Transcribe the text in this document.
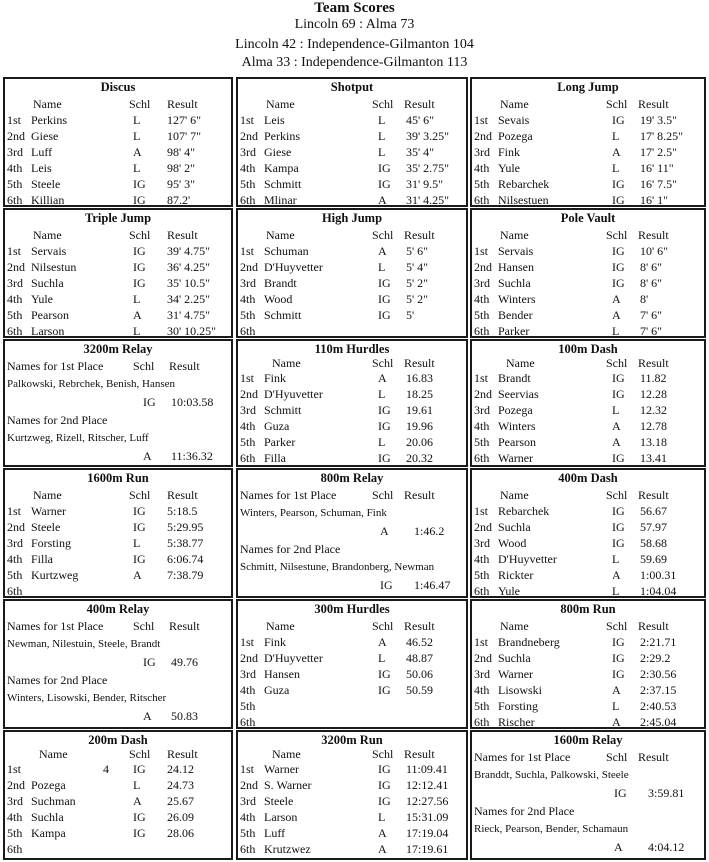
Team Scores
Lincoln 69 : Alma 73
Lincoln 42 : Independence-Gilmanton 104
Alma 33 : Independence-Gilmanton 113
Discus
Name	Schl Result
1st Perkins	L 127' 6"
2nd Giese	L 107' 7"
3rd Luff	A 98' 4"
4th Leis	L 98' 2"
5th Steele	IG 95' 3"
6th Killian	IG 87.2'
Shotput
Name	Schl Result
1st Leis	L 45' 6"
2nd Perkins	L 39' 3.25"
3rd Giese	L 35' 4"
4th Kampa	IG 35' 2.75"
5th Schmitt	IG 31' 9.5"
6th Mlinar	A 31' 4.25"
Long Jump
Name	Schl Result
1st Sevais	IG 19' 3.5"
2nd Pozega	L 17' 8.25"
3rd Fink	A 17' 2.5"
4th Yule	L 16' 11"
5th Rebarchek	IG 16' 7.5"
6th Nilsestuen	IG 16' 1"
Triple Jump
Name	Schl Result
1st Servais	IG 39' 4.75"
2nd Nilsestun	IG 36' 4.25"
3rd Suchla	IG 35' 10.5"
4th Yule	L 34' 2.25"
5th Pearson	A 31' 4.75"
6th Larson	L 30' 10.25"
High Jump
Name	Schl Result
1st Schuman	A 5' 6"
2nd D'Huyvetter	L 5' 4"
3rd Brandt	IG 5' 2"
4th Wood	IG 5' 2"
5th Schmitt	IG 5'
6th
Pole Vault
Name	Schl Result
1st Servais	IG 10' 6"
2nd Hansen	IG 8' 6"
3rd Suchla	IG 8' 6"
4th Winters	A 8'
5th Bender	A 7' 6"
6th Parker	L 7' 6"
3200m Relay
Names for 1st Place Schl Result
Palkowski, Rebrchek, Benish, Hansen
IG 10:03.58
Names for 2nd Place
Kurtzweg, Rizell, Ritscher, Luff
A 11:36.32
110m Hurdles
Name	Schl Result
1st Fink	A 16.83
2nd D'Hyuvetter	L 18.25
3rd Schmitt	IG 19.61
4th Guza	IG 19.96
5th Parker	L 20.06
6th Filla	IG 20.32
100m Dash
Name	Schl Result
1st Brandt	IG 11.82
2nd Seervias	IG 12.28
3rd Pozega	L 12.32
4th Winters	A 12.78
5th Pearson	A 13.18
6th Warner	IG 13.41
1600m Run
Name	Schl Result
1st Warner	IG 5:18.5
2nd Steele	IG 5:29.95
3rd Forsting	L 5:38.77
4th Filla	IG 6:06.74
5th Kurtzweg	A 7:38.79
6th
800m Relay
Names for 1st Place	Schl Result
Winters, Pearson, Schuman, Fink
A 1:46.2
Names for 2nd Place
Schmitt, Nilsestune, Brandonberg, Newman
IG 1:46.47
400m Dash
Name	Schl Result
1st Rebarchek	IG 56.67
2nd Suchla	IG 57.97
3rd Wood	IG 58.68
4th D'Huyvetter	L 59.69
5th Rickter	A 1:00.31
6th Yule	L 1:04.04
400m Relay
Names for 1st Place Schl Result
Newman, Nilestuin, Steele, Brandt
IG 49.76
Names for 2nd Place
Winters, Lisowski, Bender, Ritscher
A 50.83
300m Hurdles
Name	Schl Result
1st Fink	A 46.52
2nd D'Huyvetter	L 48.87
3rd Hansen	IG 50.06
4th Guza	IG 50.59
5th
6th
800m Run
Name	Schl Result
1st Brandneberg	IG 2:21.71
2nd Suchla	IG 2:29.2
3rd Warner	IG 2:30.56
4th Lisowski	A 2:37.15
5th Forsting	L 2:40.53
6th Rischer	A 2:45.04
200m Dash
Name	Schl Result
1st	4 IG 24.12
2nd Pozega	L 24.73
3rd Suchman	A 25.67
4th Suchla	IG 26.09
5th Kampa	IG 28.06
6th
3200m Run
Name	Schl Result
1st Warner	IG 11:09.41
2nd S. Warner	IG 12:12.41
3rd Steele	IG 12:27.56
4th Larson	L 15:31.09
5th Luff	A 17:19.04
6th Krutzwez	A 17:19.61
1600m Relay
Names for 1st Place	Schl Result
Branddt, Suchla, Palkowski, Steele
IG 3:59.81
Names for 2nd Place
Rieck, Pearson, Bender, Schamaun
A 4:04.12
